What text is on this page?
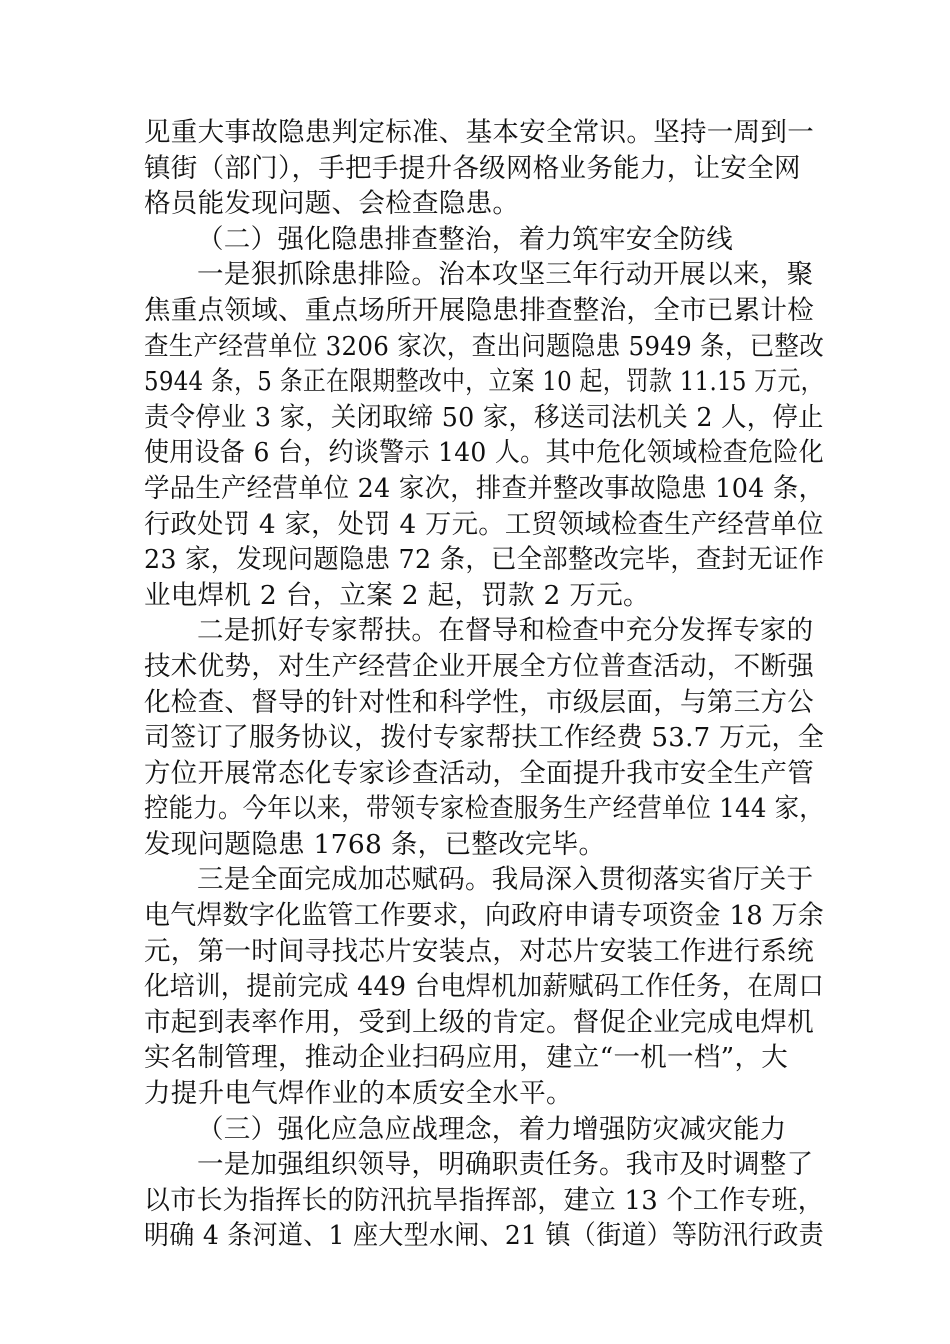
见重大事故隐患判定标准、基本安全常识。坚持一周到一
镇街（部门），手把手提升各级网格业务能力，让安全网
格员能发现问题、会检查隐患。
（二）强化隐患排查整治，着力筑牢安全防线
一是狠抓除患排险。治本攻坚三年行动开展以来，聚
焦重点领域、重点场所开展隐患排查整治，全市已累计检
查生产经营单位 3206 家次，查出问题隐患 5949 条，已整改
5944 条，5 条正在限期整改中，立案 10 起，罚款 11.15 万元，
责令停业 3 家，关闭取缔 50 家，移送司法机关 2 人，停止
使用设备 6 台，约谈警示 140 人。其中危化领域检查危险化
学品生产经营单位 24 家次，排查并整改事故隐患 104 条，
行政处罚 4 家，处罚 4 万元。工贸领域检查生产经营单位
23 家，发现问题隐患 72 条，已全部整改完毕，查封无证作
业电焊机 2 台，立案 2 起，罚款 2 万元。
二是抓好专家帮扶。在督导和检查中充分发挥专家的
技术优势，对生产经营企业开展全方位普查活动，不断强
化检查、督导的针对性和科学性，市级层面，与第三方公
司签订了服务协议，拨付专家帮扶工作经费 53.7 万元，全
方位开展常态化专家诊查活动，全面提升我市安全生产管
控能力。今年以来，带领专家检查服务生产经营单位 144 家，
发现问题隐患 1768 条，已整改完毕。
三是全面完成加芯赋码。我局深入贯彻落实省厅关于
电气焊数字化监管工作要求，向政府申请专项资金 18 万余
元，第一时间寻找芯片安装点，对芯片安装工作进行系统
化培训，提前完成 449 台电焊机加薪赋码工作任务，在周口
市起到表率作用，受到上级的肯定。督促企业完成电焊机
实名制管理，推动企业扫码应用，建立“一机一档”，大
力提升电气焊作业的本质安全水平。
（三）强化应急应战理念，着力增强防灾减灾能力
一是加强组织领导，明确职责任务。我市及时调整了
以市长为指挥长的防汛抗旱指挥部，建立 13 个工作专班，
明确 4 条河道、1 座大型水闸、21 镇（街道）等防汛行政责
